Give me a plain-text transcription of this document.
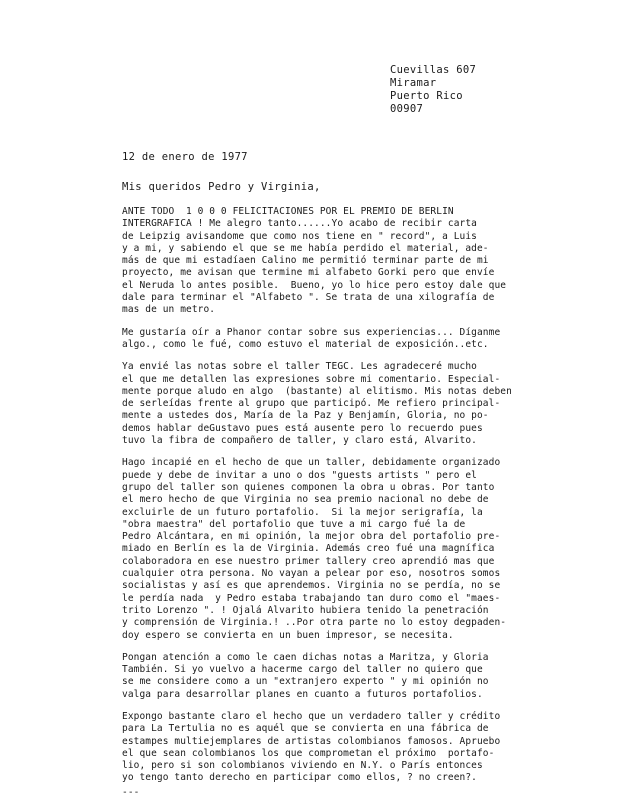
Cuevillas 607
Miramar
Puerto Rico
00907
12 de enero de 1977
Mis queridos Pedro y Virginia,
ANTE TODO  1 0 0 0 FELICITACIONES POR EL PREMIO DE BERLIN
INTERGRAFICA ! Me alegro tanto......Yo acabo de recibir carta
de Leipzig avisandome que como nos tiene en " record", a Luis
y a mi, y sabiendo el que se me había perdido el material, ade-
más de que mi estadíaen Calino me permitió terminar parte de mi
proyecto, me avisan que termine mi alfabeto Gorki pero que envíe
el Neruda lo antes posible.  Bueno, yo lo hice pero estoy dale que
dale para terminar el "Alfabeto ". Se trata de una xilografía de
mas de un metro.
Me gustaría oír a Phanor contar sobre sus experiencias... Díganme
algo., como le fué, como estuvo el material de exposición..etc.
Ya envié las notas sobre el taller TEGC. Les agradeceré mucho
el que me detallen las expresiones sobre mi comentario. Especial-
mente porque aludo en algo  (bastante) al elitismo. Mis notas deben
de serleídas frente al grupo que participó. Me refiero principal-
mente a ustedes dos, María de la Paz y Benjamín, Gloria, no po-
demos hablar deGustavo pues está ausente pero lo recuerdo pues
tuvo la fibra de compañero de taller, y claro está, Alvarito.
Hago incapié en el hecho de que un taller, debidamente organizado
puede y debe de invitar a uno o dos "guests artists " pero el
grupo del taller son quienes componen la obra u obras. Por tanto
el mero hecho de que Virginia no sea premio nacional no debe de
excluirle de un futuro portafolio.  Si la mejor serigrafía, la
"obra maestra" del portafolio que tuve a mi cargo fué la de
Pedro Alcántara, en mi opinión, la mejor obra del portafolio pre-
miado en Berlín es la de Virginia. Además creo fué una magnífica
colaboradora en ese nuestro primer tallery creo aprendió mas que
cualquier otra persona. No vayan a pelear por eso, nosotros somos
socialistas y así es que aprendemos. Virginia no se perdía, no se
le perdía nada  y Pedro estaba trabajando tan duro como el "maes-
trito Lorenzo ". ! Ojalá Alvarito hubiera tenido la penetración
y comprensión de Virginia.! ..Por otra parte no lo estoy degpaden-
doy espero se convierta en un buen impresor, se necesita.
Pongan atención a como le caen dichas notas a Maritza, y Gloria
También. Si yo vuelvo a hacerme cargo del taller no quiero que
se me considere como a un "extranjero experto " y mi opinión no
valga para desarrollar planes en cuanto a futuros portafolios.
Expongo bastante claro el hecho que un verdadero taller y crédito
para La Tertulia no es aquél que se convierta en una fábrica de
estampes multiejemplares de artistas colombianos famosos. Apruebo
el que sean colombianos los que comprometan el próximo  portafo-
lio, pero si son colombianos viviendo en N.Y. o París entonces
yo tengo tanto derecho en participar como ellos, ? no creen?.
---
